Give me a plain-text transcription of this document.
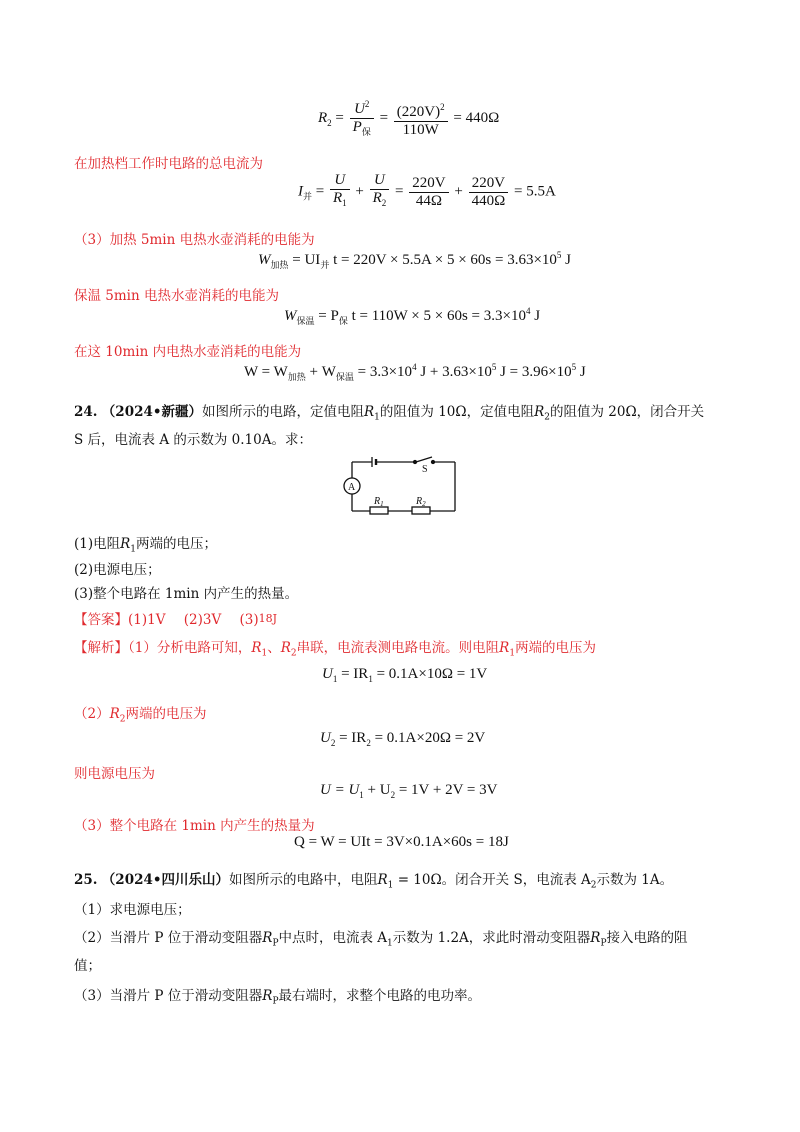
$R_2 = \frac{U^2}{P_保} = \frac{(220V)^2}{110W} = 440\Omega$
在加热档工作时电路的总电流为
$I_并 = \frac{U}{R_1} + \frac{U}{R_2} = \frac{220V}{44\Omega} + \frac{220V}{440\Omega} = 5.5A$
（3）加热 5min 电热水壶消耗的电能为
$W_{加热} = UI_并$ $t = 220V \times 5.5A \times 5 \times 60s = 3.63\times 10^5$ J
保温 5min 电热水壶消耗的电能为
$W_{保温} = P_保$ $t = 110W \times 5 \times 60s = 3.3\times 10^4$ J
在这 10min 内电热水壶消耗的电能为
$W = W_{加热} + W_{保温} = 3.3\times 10^4$ $J + 3.63\times 10^5$ $J = 3.96\times 10^5$ J
24. （2024•新疆）如图所示的电路，定值电阻$R_1$的阻值为 10Ω，定值电阻$R_2$的阻值为 20Ω，闭合开关
S 后，电流表 A 的示数为 0.10A。求：
S
A
$R_1$	$R_2$
(1)电阻$R_1$两端的电压；
(2)电源电压；
(3)整个电路在 1min 内产生的热量。
【答案】(1)1V (2)3V (3)18J
【解析】（1）分析电路可知，$R_1$、$R_2$串联，电流表测电路电流。则电阻$R_1$两端的电压为
$U_1 = IR_1 = 0.1A\times 10\Omega = 1V$
$(2)R_2$两端的电压为
$U_2 = IR_2 = 0.1A\times 20\Omega = 2V$
则电源电压为
$U = U_1 + U_2 = 1V + 2V = 3V$
（3）整个电路在 1min 内产生的热量为
Q = W = UIt = 3V×0.1A×60s = 18J
25. （2024•四川乐山）如图所示的电路中，电阻$R_1 = 10\Omega$。闭合开关 S，电流表 $A_2$示数为 1A。
（1）求电源电压；
（2）当滑片 P 位于滑动变阻器$R_P$中点时，电流表 $A_1$示数为 1.2A，求此时滑动变阻器$R_P$接入电路的阻
值；
（3）当滑片 P 位于滑动变阻器$R_P$最右端时，求整个电路的电功率。
